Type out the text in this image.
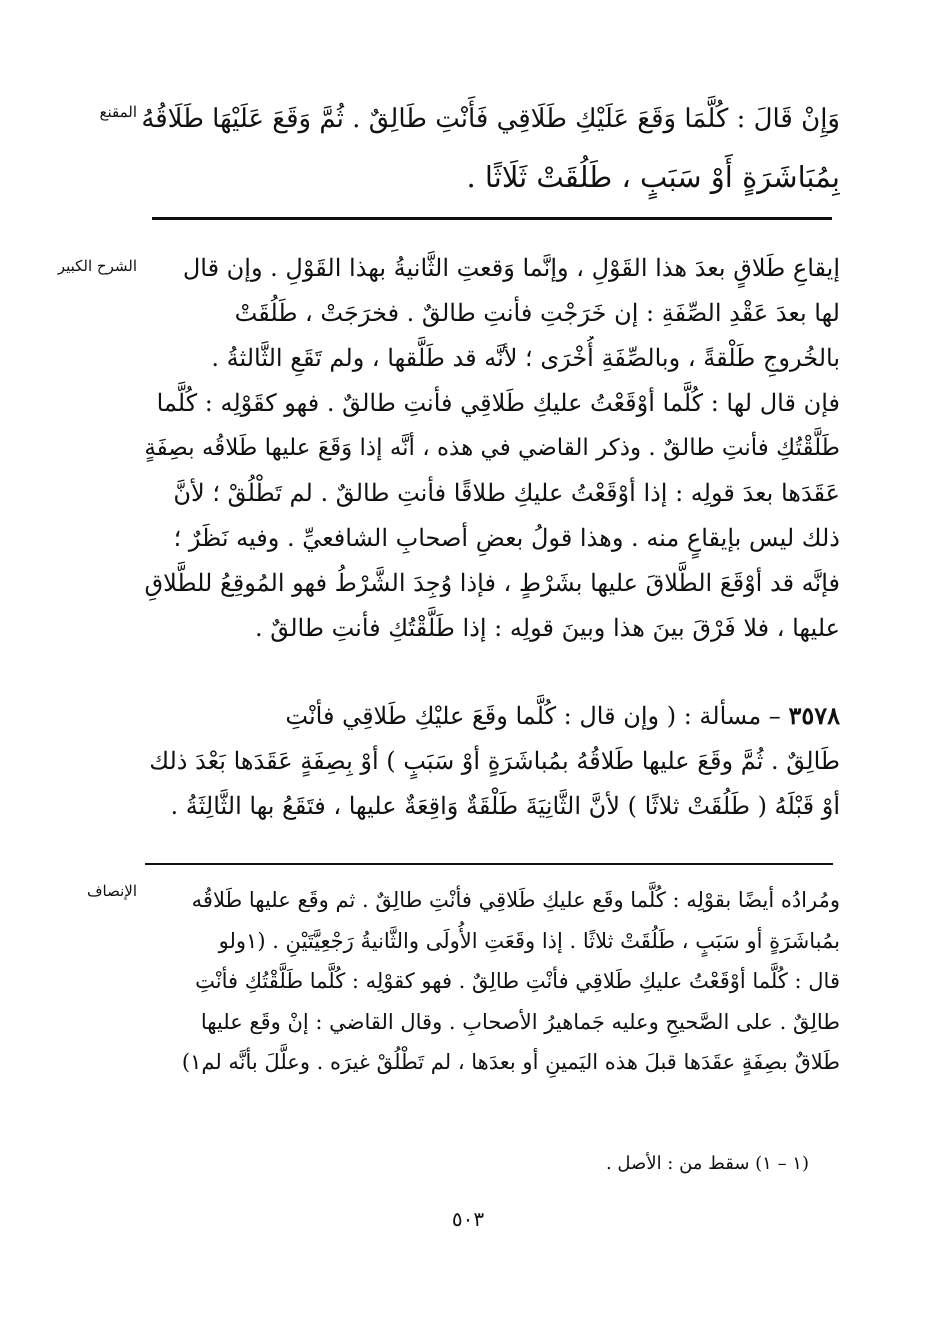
المقنع وَإِنْ قَالَ : كُلَّمَا وَقَعَ عَلَيْكِ طَلَاقِي فَأَنْتِ طَالِقٌ . ثُمَّ وَقَعَ عَلَيْهَا طَلَاقُهُ
بِمُبَاشَرَةٍ أَوْ سَبَبٍ ، طَلُقَتْ ثَلَاثًا .
الشرح الكبير	إيقاعِ طَلاقٍ بعدَ هذا القَوْلِ ، وإنَّما وَقعتِ الثَّانيةُ بهذا القَوْلِ . وإن قال
لها بعدَ عَقْدِ الصِّفَةِ : إن خَرَجْتِ فأنتِ طالقٌ . فخرَجَتْ ، طَلُقَتْ
بالخُروجِ طَلْقةً ، وبالصِّفَةِ أُخْرَى ؛ لأنَّه قد طَلَّقها ، ولم تَقَعِ الثَّالثةُ .
فإن قال لها : كُلَّما أوْقَعْتُ عليكِ طَلاقِي فأنتِ طالقٌ . فهو كقَوْلِه : كُلَّما
طَلَّقْتُكِ فأنتِ طالقٌ . وذكر القاضي في هذه ، أنَّه إذا وَقَعَ عليها طَلاقُه بصِفَةٍ
عَقَدَها بعدَ قولِه : إذا أوْقَعْتُ عليكِ طلاقًا فأنتِ طالقٌ . لم تَطْلُقْ ؛ لأنَّ
ذلك ليس بإيقاعٍ منه . وهذا قولُ بعضِ أصحابِ الشافعيِّ . وفيه نَظَرٌ ؛
فإنَّه قد أوْقَعَ الطَّلاقَ عليها بشَرْطٍ ، فإذا وُجِدَ الشَّرْطُ فهو المُوقِعُ للطَّلاقِ
عليها ، فلا فَرْقَ بينَ هذا وبينَ قولِه : إذا طَلَّقْتُكِ فأنتِ طالقٌ .
٣٥٧٨ – مسألة : ( وإن قال : كُلَّما وقَعَ عليْكِ طَلاقِي فأنْتِ
طَالِقٌ . ثُمَّ وقَعَ عليها طَلاقُهُ بمُباشَرَةٍ أوْ سَبَبٍ ) أوْ بِصِفَةٍ عَقَدَها بَعْدَ ذلك
أوْ قَبْلَهُ ( طَلُقَتْ ثلاثًا ) لأنَّ الثَّانِيَةَ طَلْقَةٌ وَاقِعَةٌ عليها ، فتَقَعُ بها الثَّالِثَةُ .
الإنصاف	ومُرادُه أيضًا بقوْلِه : كُلَّما وقَع عليكِ طَلاقِي فأنْتِ طالِقٌ . ثم وقَع عليها طَلاقُه
بمُباشَرَةٍ أو سَبَبٍ ، طَلُقَتْ ثلاثًا . إذا وقَعَتِ الأُولَى والثَّانيةُ رَجْعِيَّتَيْنِ . (١ولو
قال : كُلَّما أوْقَعْتُ عليكِ طَلاقِي فأنْتِ طالِقٌ . فهو كقوْلِه : كُلَّما طَلَّقْتُكِ فأنْتِ
طالِقٌ . على الصَّحيحِ وعليه جَماهيرُ الأصحابِ . وقال القاضي : إنْ وقَع عليها
طَلاقٌ بصِفَةٍ عقَدَها قبلَ هذه اليَمينِ أو بعدَها ، لم تَطْلُقْ غيرَه . وعلَّلَ بأنَّه لم١)
(١ – ١) سقط من : الأصل .
٥٠٣
